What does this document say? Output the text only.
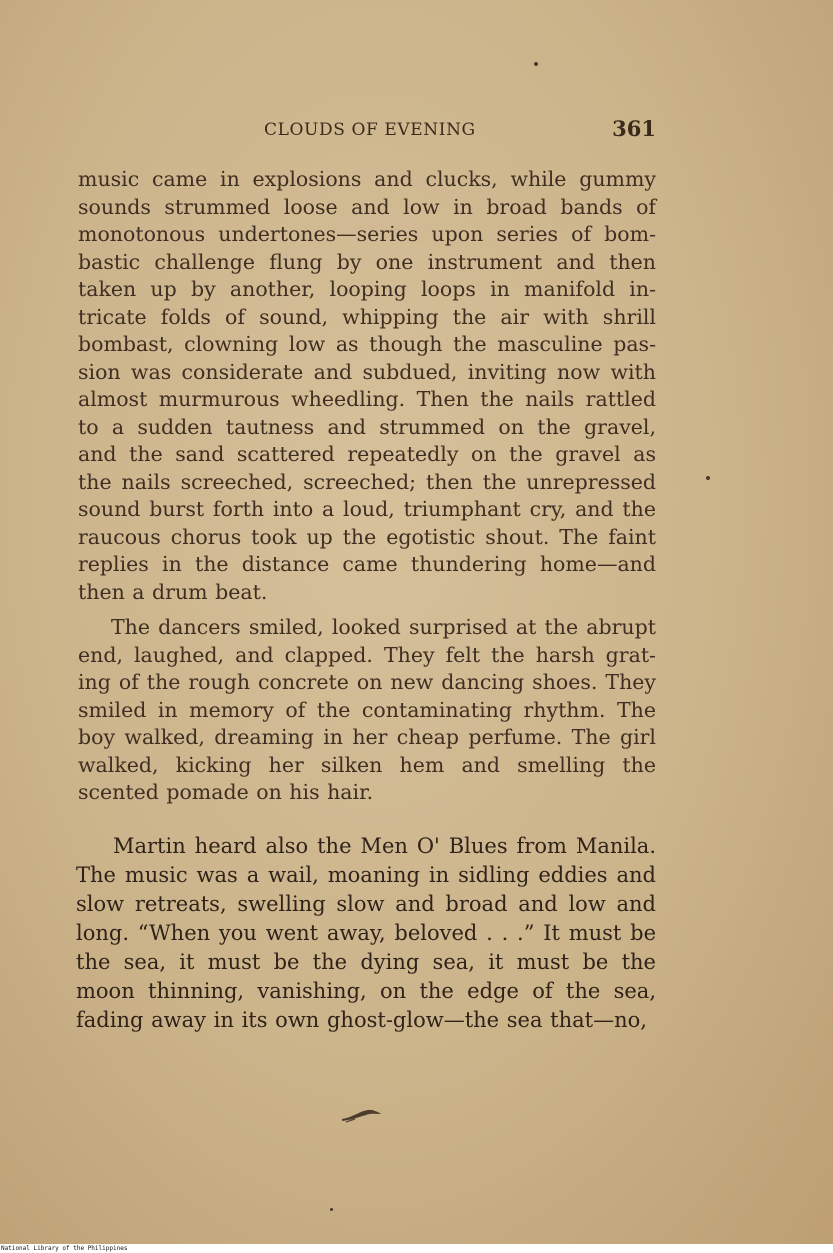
CLOUDS OF EVENING	361

music came in explosions and clucks, while gummy sounds strummed loose and low in broad bands of monotonous undertones—series upon series of bom-bastic challenge flung by one instrument and then taken up by another, looping loops in manifold in-tricate folds of sound, whipping the air with shrill bombast, clowning low as though the masculine pas-sion was considerate and subdued, inviting now with almost murmurous wheedling. Then the nails rattled to a sudden tautness and strummed on the gravel, and the sand scattered repeatedly on the gravel as the nails screeched, screeched; then the unrepressed sound burst forth into a loud, triumphant cry, and the raucous chorus took up the egotistic shout. The faint replies in the distance came thundering home—and then a drum beat.

The dancers smiled, looked surprised at the abrupt end, laughed, and clapped. They felt the harsh grat-ing of the rough concrete on new dancing shoes. They smiled in memory of the contaminating rhythm. The boy walked, dreaming in her cheap perfume. The girl walked, kicking her silken hem and smelling the scented pomade on his hair.

Martin heard also the Men O' Blues from Manila. The music was a wail, moaning in sidling eddies and slow retreats, swelling slow and broad and low and long. “When you went away, beloved . . .” It must be the sea, it must be the dying sea, it must be the moon thinning, vanishing, on the edge of the sea, fading away in its own ghost-glow—the sea that—no,

National Library of the Philippines
